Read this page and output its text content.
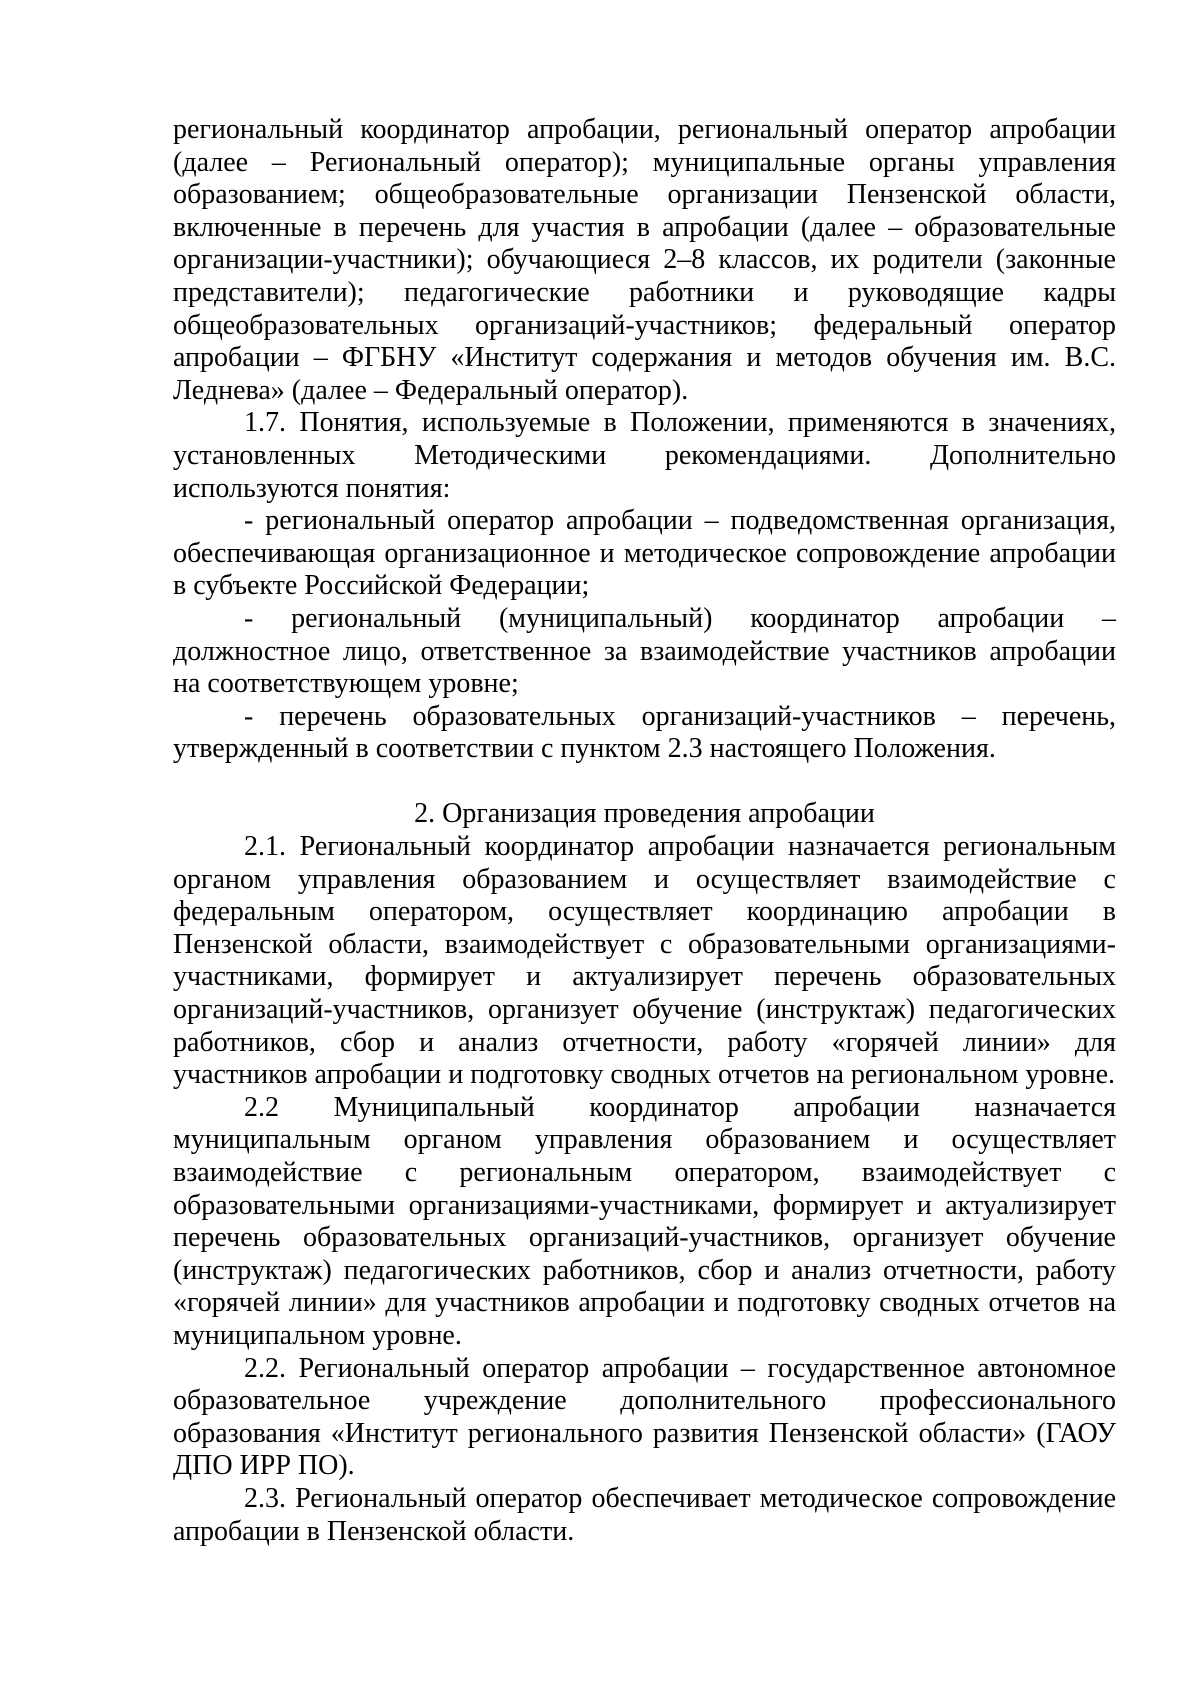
региональный координатор апробации, региональный оператор апробации (далее – Региональный оператор); муниципальные органы управления образованием; общеобразовательные организации Пензенской области, включенные в перечень для участия в апробации (далее – образовательные организации-участники); обучающиеся 2–8 классов, их родители (законные представители); педагогические работники и руководящие кадры общеобразовательных организаций-участников; федеральный оператор апробации – ФГБНУ «Институт содержания и методов обучения им. В.С. Леднева» (далее – Федеральный оператор).

1.7. Понятия, используемые в Положении, применяются в значениях, установленных Методическими рекомендациями. Дополнительно используются понятия:

- региональный оператор апробации – подведомственная организация, обеспечивающая организационное и методическое сопровождение апробации в субъекте Российской Федерации;

- региональный (муниципальный) координатор апробации – должностное лицо, ответственное за взаимодействие участников апробации на соответствующем уровне;

- перечень образовательных организаций-участников – перечень, утвержденный в соответствии с пунктом 2.3 настоящего Положения.

2. Организация проведения апробации

2.1. Региональный координатор апробации назначается региональным органом управления образованием и осуществляет взаимодействие с федеральным оператором, осуществляет координацию апробации в Пензенской области, взаимодействует с образовательными организациями-участниками, формирует и актуализирует перечень образовательных организаций-участников, организует обучение (инструктаж) педагогических работников, сбор и анализ отчетности, работу «горячей линии» для участников апробации и подготовку сводных отчетов на региональном уровне.

2.2 Муниципальный координатор апробации назначается муниципальным органом управления образованием и осуществляет взаимодействие с региональным оператором, взаимодействует с образовательными организациями-участниками, формирует и актуализирует перечень образовательных организаций-участников, организует обучение (инструктаж) педагогических работников, сбор и анализ отчетности, работу «горячей линии» для участников апробации и подготовку сводных отчетов на муниципальном уровне.

2.2. Региональный оператор апробации – государственное автономное образовательное учреждение дополнительного профессионального образования «Институт регионального развития Пензенской области» (ГАОУ ДПО ИРР ПО).

2.3. Региональный оператор обеспечивает методическое сопровождение апробации в Пензенской области.
